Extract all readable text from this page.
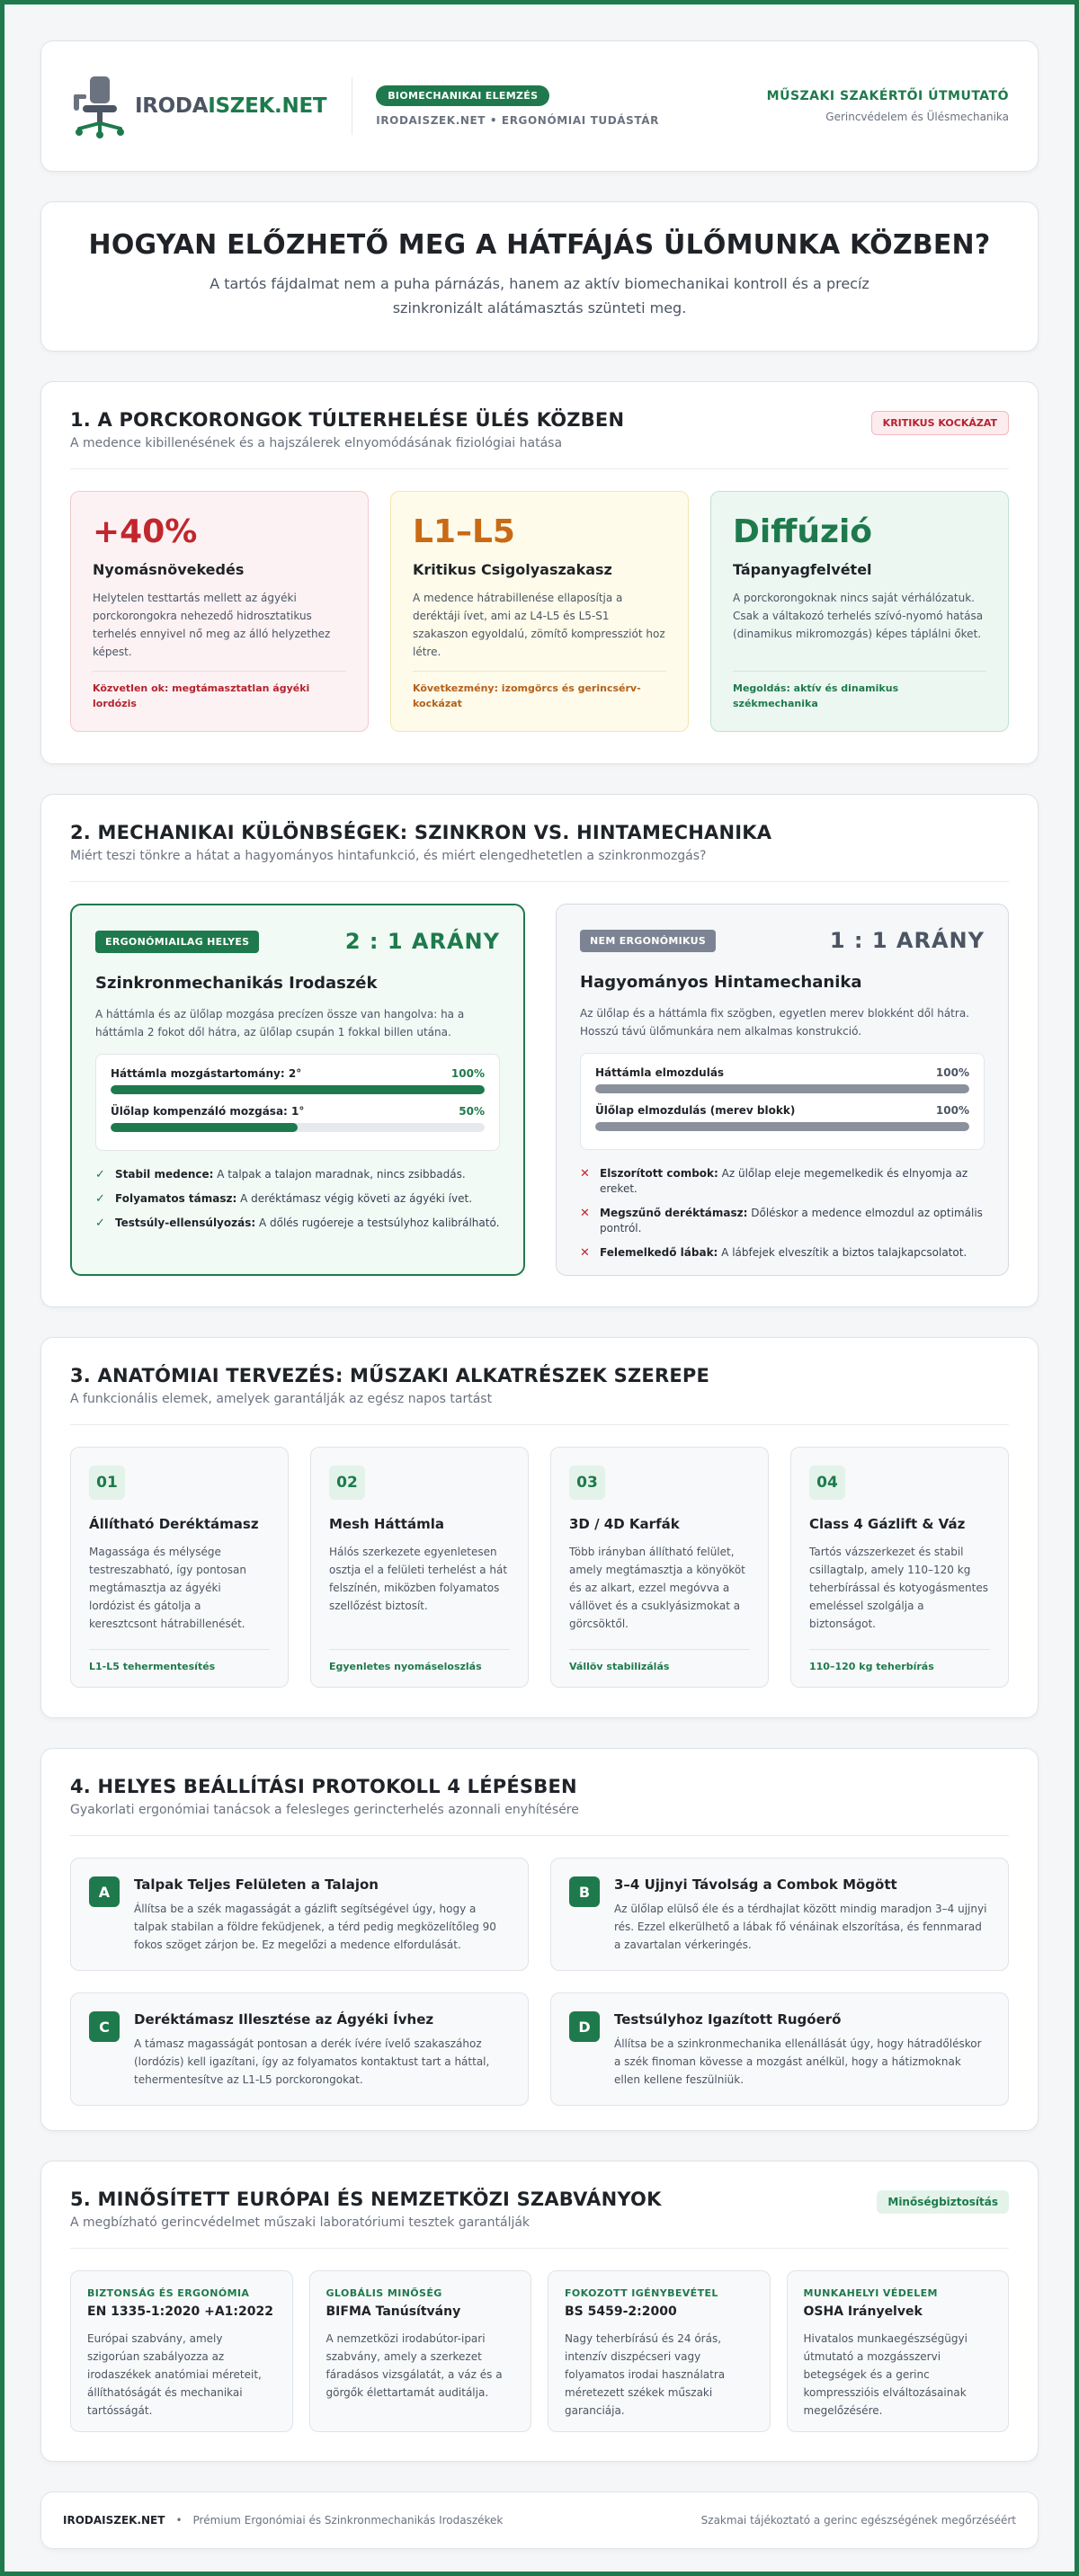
IRODAISZEK.NET	BIOMECHANIKAI ELEMZÉS
IRODAISZEK.NET • ERGONÓMIAI TUDÁSTÁR
MŰSZAKI SZAKÉRTŐI ÚTMUTATÓ
Gerincvédelem és Ülésmechanika
HOGYAN ELŐZHETŐ MEG A HÁTFÁJÁS ÜLŐMUNKA KÖZBEN?

A tartós fájdalmat nem a puha párnázás, hanem az aktív biomechanikai kontroll és a precíz szinkronizált alátámasztás szünteti meg.

1. A PORCKORONGOK TÚLTERHELÉSE ÜLÉS KÖZBEN
A medence kibillenésének és a hajszálerek elnyomódásának fiziológiai hatása
KRITIKUS KOCKÁZAT
+40%
Nyomásnövekedés
Helytelen testtartás mellett az ágyéki porckorongokra nehezedő hidrosztatikus terhelés ennyivel nő meg az álló helyzethez képest.
Közvetlen ok: megtámasztatlan ágyéki lordózis
L1–L5
Kritikus Csigolyaszakasz
A medence hátrabillenése ellaposítja a deréktáji ívet, ami az L4-L5 és L5-S1 szakaszon egyoldalú, zömítő kompressziót hoz létre.
Következmény: izomgörcs és gerincsérv-kockázat
Diffúzió
Tápanyagfelvétel
A porckorongoknak nincs saját vérhálózatuk. Csak a váltakozó terhelés szívó-nyomó hatása (dinamikus mikromozgás) képes táplálni őket.
Megoldás: aktív és dinamikus székmechanika
2. MECHANIKAI KÜLÖNBSÉGEK: SZINKRON VS. HINTAMECHANIKA
Miért teszi tönkre a hátat a hagyományos hintafunkció, és miért elengedhetetlen a szinkronmozgás?
ERGONÓMIAILAG HELYES	2 : 1 ARÁNY
Szinkronmechanikás Irodaszék
A háttámla és az ülőlap mozgása precízen össze van hangolva: ha a háttámla 2 fokot dől hátra, az ülőlap csupán 1 fokkal billen utána.
Háttámla mozgástartomány: 2°	100%
Ülőlap kompenzáló mozgása: 1°	50%
✓ Stabil medence: A talpak a talajon maradnak, nincs zsibbadás.
✓ Folyamatos támasz: A deréktámasz végig követi az ágyéki ívet.
✓ Testsúly-ellensúlyozás: A dőlés rugóereje a testsúlyhoz kalibrálható.
NEM ERGONÓMIKUS	1 : 1 ARÁNY
Hagyományos Hintamechanika
Az ülőlap és a háttámla fix szögben, egyetlen merev blokként dől hátra. Hosszú távú ülőmunkára nem alkalmas konstrukció.
Háttámla elmozdulás	100%
Ülőlap elmozdulás (merev blokk)	100%
✕ Elszorított combok: Az ülőlap eleje megemelkedik és elnyomja az ereket.
✕ Megszűnő deréktámasz: Dőléskor a medence elmozdul az optimális pontról.
✕ Felemelkedő lábak: A lábfejek elveszítik a biztos talajkapcsolatot.
3. ANATÓMIAI TERVEZÉS: MŰSZAKI ALKATRÉSZEK SZEREPE
A funkcionális elemek, amelyek garantálják az egész napos tartást
01
Állítható Deréktámasz
Magassága és mélysége testreszabható, így pontosan megtámasztja az ágyéki lordózist és gátolja a keresztcsont hátrabillenését.
L1-L5 tehermentesítés
02
Mesh Háttámla
Hálós szerkezete egyenletesen osztja el a felületi terhelést a hát felszínén, miközben folyamatos szellőzést biztosít.
Egyenletes nyomáseloszlás
03
3D / 4D Karfák
Több irányban állítható felület, amely megtámasztja a könyököt és az alkart, ezzel megóvva a vállövet és a csuklyásizmokat a görcsöktől.
Vállöv stabilizálás
04
Class 4 Gázlift & Váz
Tartós vázszerkezet és stabil csillagtalp, amely 110–120 kg teherbírással és kotyogásmentes emeléssel szolgálja a biztonságot.
110–120 kg teherbírás
4. HELYES BEÁLLÍTÁSI PROTOKOLL 4 LÉPÉSBEN
Gyakorlati ergonómiai tanácsok a felesleges gerincterhelés azonnali enyhítésére
A	Talpak Teljes Felületen a Talajon
Állítsa be a szék magasságát a gázlift segítségével úgy, hogy a talpak stabilan a földre feküdjenek, a térd pedig megközelítőleg 90 fokos szöget zárjon be. Ez megelőzi a medence elfordulását.
B	3–4 Ujjnyi Távolság a Combok Mögött
Az ülőlap elülső éle és a térdhajlat között mindig maradjon 3–4 ujjnyi rés. Ezzel elkerülhető a lábak fő vénáinak elszorítása, és fennmarad a zavartalan vérkeringés.
C	Deréktámasz Illesztése az Ágyéki Ívhez
A támasz magasságát pontosan a derék ívére ívelő szakaszához (lordózis) kell igazítani, így az folyamatos kontaktust tart a háttal, tehermentesítve az L1-L5 porckorongokat.
D	Testsúlyhoz Igazított Rugóerő
Állítsa be a szinkronmechanika ellenállását úgy, hogy hátradőléskor a szék finoman kövesse a mozgást anélkül, hogy a hátizmoknak ellen kellene feszülniük.
5. MINŐSÍTETT EURÓPAI ÉS NEMZETKÖZI SZABVÁNYOK
A megbízható gerincvédelmet műszaki laboratóriumi tesztek garantálják
Minőségbiztosítás
BIZTONSÁG ÉS ERGONÓMIA
EN 1335-1:2020 +A1:2022
Európai szabvány, amely szigorúan szabályozza az irodaszékek anatómiai méreteit, állíthatóságát és mechanikai tartósságát.
GLOBÁLIS MINŐSÉG
BIFMA Tanúsítvány
A nemzetközi irodabútor-ipari szabvány, amely a szerkezet fáradásos vizsgálatát, a váz és a görgők élettartamát auditálja.
FOKOZOTT IGÉNYBEVÉTEL
BS 5459-2:2000
Nagy teherbírású és 24 órás, intenzív diszpécseri vagy folyamatos irodai használatra méretezett székek műszaki garanciája.
MUNKAHELYI VÉDELEM
OSHA Irányelvek
Hivatalos munkaegészségügyi útmutató a mozgásszervi betegségek és a gerinc kompresszióis elváltozásainak megelőzésére.
IRODAISZEK.NET • Prémium Ergonómiai és Szinkronmechanikás Irodaszékek	Szakmai tájékoztató a gerinc egészségének megőrzéséért
